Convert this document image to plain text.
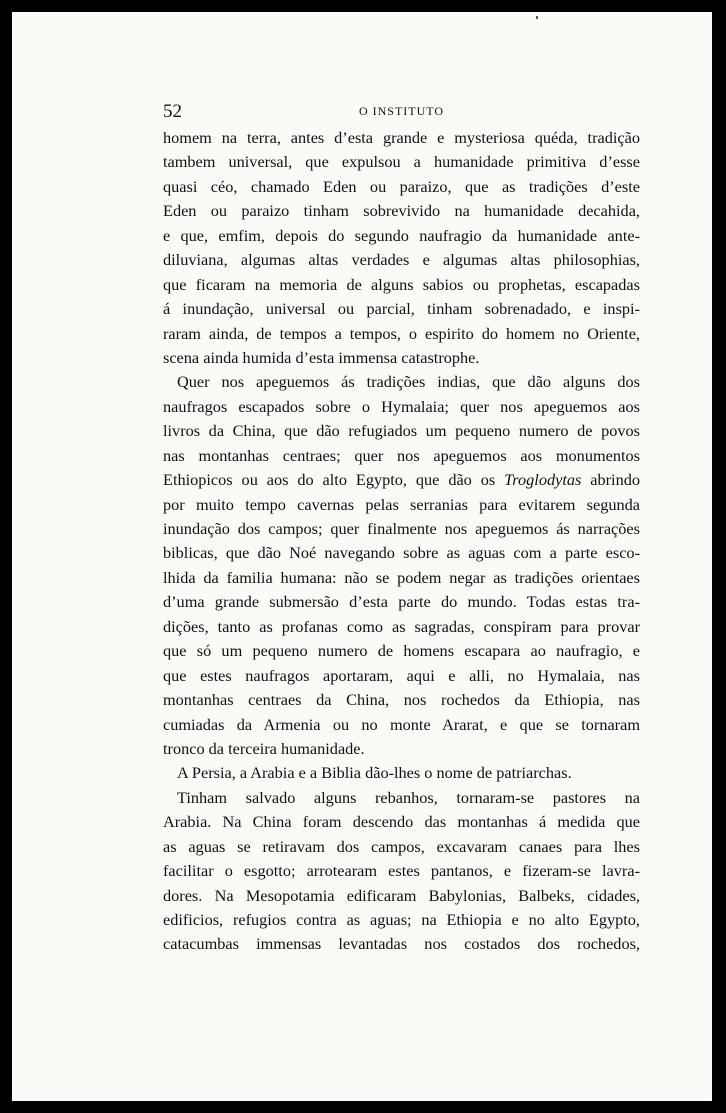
52	O INSTITUTO
homem na terra, antes d’esta grande e mysteriosa quéda, tradição
tambem universal, que expulsou a humanidade primitiva d’esse
quasi céo, chamado Eden ou paraizo, que as tradições d’este
Eden ou paraizo tinham sobrevivido na humanidade decahida,
e que, emfim, depois do segundo naufragio da humanidade ante-
diluviana, algumas altas verdades e algumas altas philosophias,
que ficaram na memoria de alguns sabios ou prophetas, escapadas
á inundação, universal ou parcial, tinham sobrenadado, e inspi-
raram ainda, de tempos a tempos, o espirito do homem no Oriente,
scena ainda humida d’esta immensa catastrophe.
Quer nos apeguemos ás tradições indias, que dão alguns dos
naufragos escapados sobre o Hymalaia; quer nos apeguemos aos
livros da China, que dão refugiados um pequeno numero de povos
nas montanhas centraes; quer nos apeguemos aos monumentos
Ethiopicos ou aos do alto Egypto, que dão os Troglodytas abrindo
por muito tempo cavernas pelas serranias para evitarem segunda
inundação dos campos; quer finalmente nos apeguemos ás narrações
biblicas, que dão Noé navegando sobre as aguas com a parte esco-
lhida da familia humana: não se podem negar as tradições orientaes
d’uma grande submersão d’esta parte do mundo. Todas estas tra-
dições, tanto as profanas como as sagradas, conspiram para provar
que só um pequeno numero de homens escapara ao naufragio, e
que estes naufragos aportaram, aqui e alli, no Hymalaia, nas
montanhas centraes da China, nos rochedos da Ethiopia, nas
cumiadas da Armenia ou no monte Ararat, e que se tornaram
tronco da terceira humanidade.
A Persia, a Arabia e a Biblia dão-lhes o nome de patriarchas.
Tinham salvado alguns rebanhos, tornaram-se pastores na
Arabia. Na China foram descendo das montanhas á medida que
as aguas se retiravam dos campos, excavaram canaes para lhes
facilitar o esgotto; arrotearam estes pantanos, e fizeram-se lavra-
dores. Na Mesopotamia edificaram Babylonias, Balbeks, cidades,
edificios, refugios contra as aguas; na Ethiopia e no alto Egypto,
catacumbas immensas levantadas nos costados dos rochedos,
